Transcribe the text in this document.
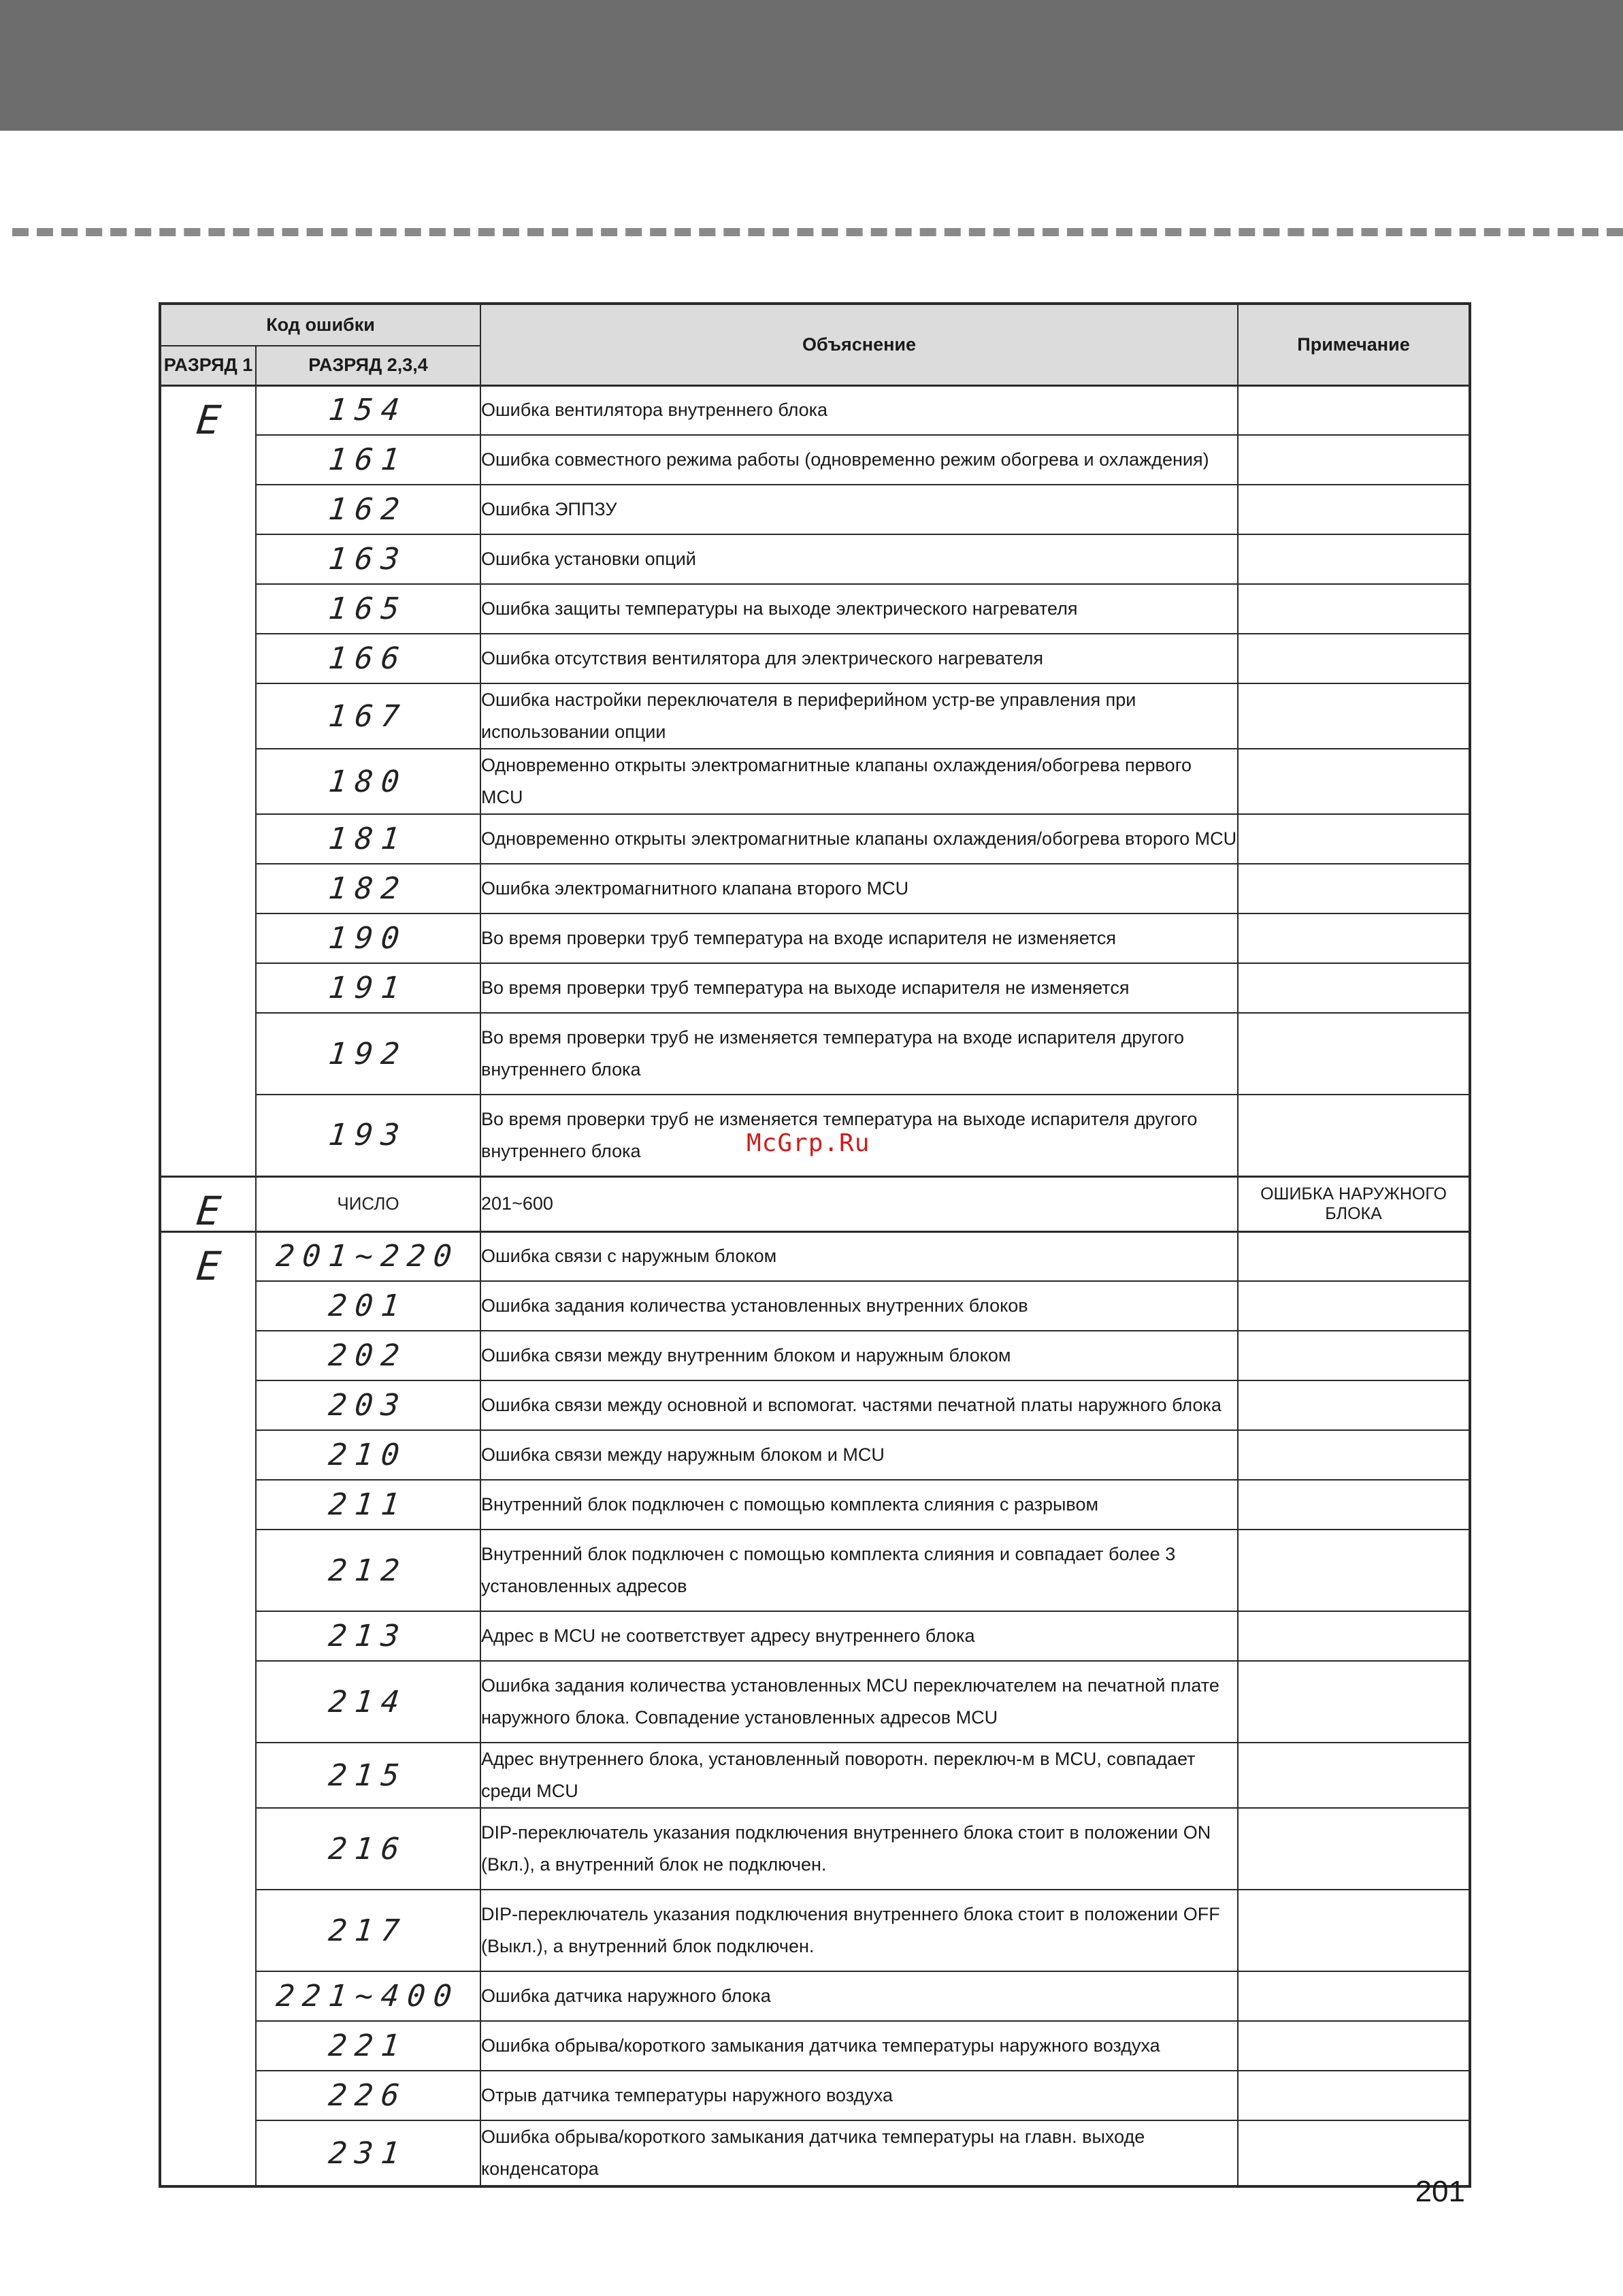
Код ошибки		Объяснение	Примечание
РАЗРЯД 1	РАЗРЯД 2,3,4		
E	154	Ошибка вентилятора внутреннего блока	
	161	Ошибка совместного режима работы (одновременно режим обогрева и охлаждения)	
	162	Ошибка ЭППЗУ	
	163	Ошибка установки опций	
	165	Ошибка защиты температуры на выходе электрического нагревателя	
	166	Ошибка отсутствия вентилятора для электрического нагревателя	
	167	Ошибка настройки переключателя в периферийном устр-ве управления при использовании опции	
	180	Одновременно открыты электромагнитные клапаны охлаждения/обогрева первого MCU	
	181	Одновременно открыты электромагнитные клапаны охлаждения/обогрева второго MCU	
	182	Ошибка электромагнитного клапана второго MCU	
	190	Во время проверки труб температура на входе испарителя не изменяется	
	191	Во время проверки труб температура на выходе испарителя не изменяется	
	192	Во время проверки труб не изменяется температура на входе испарителя другого внутреннего блока	
	193	Во время проверки труб не изменяется температура на выходе испарителя другого внутреннего блока	
E	ЧИСЛО	201~600	ОШИБКА НАРУЖНОГО БЛОКА
E	201~220	Ошибка связи с наружным блоком	
	201	Ошибка задания количества установленных внутренних блоков	
	202	Ошибка связи между внутренним блоком и наружным блоком	
	203	Ошибка связи между основной и вспомогат. частями печатной платы наружного блока	
	210	Ошибка связи между наружным блоком и MCU	
	211	Внутренний блок подключен с помощью комплекта слияния с разрывом	
	212	Внутренний блок подключен с помощью комплекта слияния и совпадает более 3 установленных адресов	
	213	Адрес в MCU не соответствует адресу внутреннего блока	
	214	Ошибка задания количества установленных MCU переключателем на печатной плате наружного блока. Совпадение установленных адресов MCU	
	215	Адрес внутреннего блока, установленный поворотн. переключ-м в MCU, совпадает среди MCU	
	216	DIP-переключатель указания подключения внутреннего блока стоит в положении ON (Вкл.), а внутренний блок не подключен.	
	217	DIP-переключатель указания подключения внутреннего блока стоит в положении OFF (Выкл.), а внутренний блок подключен.	
	221~400	Ошибка датчика наружного блока	
	221	Ошибка обрыва/короткого замыкания датчика температуры наружного воздуха	
	226	Отрыв датчика температуры наружного воздуха	
	231	Ошибка обрыва/короткого замыкания датчика температуры на главн. выходе конденсатора	
McGrp.Ru
201
